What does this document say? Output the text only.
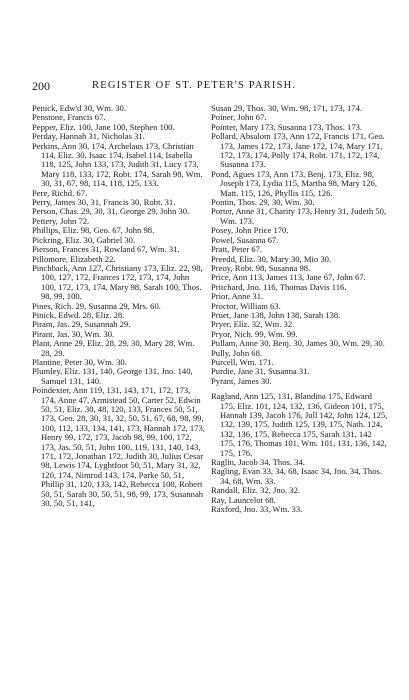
200	REGISTER OF ST. PETER'S PARISH.

Penick, Edw'd 30, Wm. 30.

Penstone, Francis 67.

Pepper, Eliz. 100, Jane 100, Stephen 100.

Perday, Hannah 31, Nicholas 31.

Perkins, Ann 30, 174, Archelaus 173, Christian 114, Eliz. 30, Isaac 174, Isabel 114, Isabella 118, 125, John 133, 173, Judith 31, Lucy 173, Mary 118, 133, 172, Robt. 174, Sarah 98, Wm. 30, 31, 67, 98, 114, 118, 125, 133.

Pere, Richd. 67.

Perry, James 30, 31, Francis 30, Robt. 31.

Person, Chas. 29, 30, 31, George 29, John 30.

Pettery, John 72.

Phillips, Eliz. 98, Geo. 67, John 98.

Pickring, Eliz. 30, Gabriel 30.

Pierson, Frances 31, Rowland 67, Wm. 31.

Pillomore, Elizabeth 22.

Pinchback, Ann 127, Christiany 173, Eliz. 22, 98, 100, 127, 172, Frances 172, 173, 174, John 100, 172, 173, 174, Mary 98, Sarah 100, Thos. 98, 99, 100.

Pines, Rich. 29, Susanna 29, Mrs. 60.

Pinick, Edwd. 28, Eliz. 28.

Piram, Jas. 29, Susannah 29.

Pirant, Jas. 30, Wm. 30.

Plant, Anne 29, Eliz. 28, 29, 30, Mary 28, Wm. 28, 29.

Plantine, Peter 30, Wm. 30.

Plumley, Eliz. 131, 140, George 131, Jno. 140, Samuel 131, 140.

Poindexter, Ann 119, 131, 143, 171, 172, 173, 174, Anne 47, Armistead 50, Carter 52, Edwin 50, 51, Eliz. 30, 48, 120, 133, Frances 50, 51, 173, Geo. 28, 30, 31, 32, 50, 51, 67, 68, 98, 99, 100, 112, 133, 134, 141, 173, Hannah 172, 173, Henry 99, 172, 173, Jacob 98, 99, 100, 172, 173, Jas. 50, 51, John 100, 119, 131, 140, 143, 171, 172, Jonathan 172, Judith 30, Julius Cesar 98, Lewis 174, Lyghtfoot 50, 51, Mary 31, 32, 120, 174, Nimrod 143, 174, Parke 50, 51, Phillip 31, 120, 133, 142, Rebecca 100, Robert 50, 51, Sarah 30, 50, 51, 98, 99, 173, Susannah 30, 50, 51, 141,

Susan 29, Thos. 30, Wm. 98, 171, 173, 174.

Poiner, John 67.

Pointer, Mary 173, Susanna 173, Thos. 173.

Pollard, Absalom 173, Ann 172, Francis 171, Geo. 173, James 172, 173, Jane 172, 174, Mary 171, 172, 173, 174, Polly 174, Robt. 171, 172, 174, Susanna 173.

Pond, Agues 173, Ann 173, Benj. 173, Eliz. 98, Joseph 173, Lydia 115, Martha 98, Mary 126, Matt. 115, 126, Phyllis 115, 126.

Pontin, Thos. 29, 30, Wm. 30.

Porter, Anne 31, Charity 173, Henry 31, Judeth 50, Wm. 173.

Posey, John Price 170.

Powel, Susanna 67.

Pratt, Peter 67.

Preedd, Eliz. 30, Mary 30, Mio 30.

Preoy, Robt. 98, Susanna 98.

Price, Ann 113, James 113, Jane 67, John 67.

Pritchard, Jno. 116, Thomas Davis 116.

Prior, Anne 31.

Proctor, William 63.

Pruet, Jane 138, John 138, Sarah 138.

Pryer, Eliz. 32, Wm. 32.

Pryor, Nich. 99, Wm. 99.

Pullam, Anne 30, Benj. 30, James 30, Wm. 29, 30.

Pully, John 68.

Purcell, Wm. 171.

Purdie, Jane 31, Susanna 31.

Pyrant, James 30.

Ragland, Ann 125, 131, Blandina 175, Edward 175, Eliz. 101, 124, 132, 136, Gideon 101, 175, Hannah 139, Jacob 176, Jull 142, John 124, 125, 132, 139, 175, Judith 125, 139, 175, Nath. 124, 132, 136, 175, Rebecca 175, Sarah 131, 142 175, 176, Thomas 101, Wm. 101, 131, 136, 142, 175, 176.

Raglin, Jacob 34, Thos. 34.

Ragling, Evan 33, 34, 68, Isaac 34, Jno. 34, Thos. 34, 68, Wm. 33.

Randall, Eliz. 32, Jno. 32.

Ray, Launcelot 68.

Raxford, Jno. 33, Wm. 33.
